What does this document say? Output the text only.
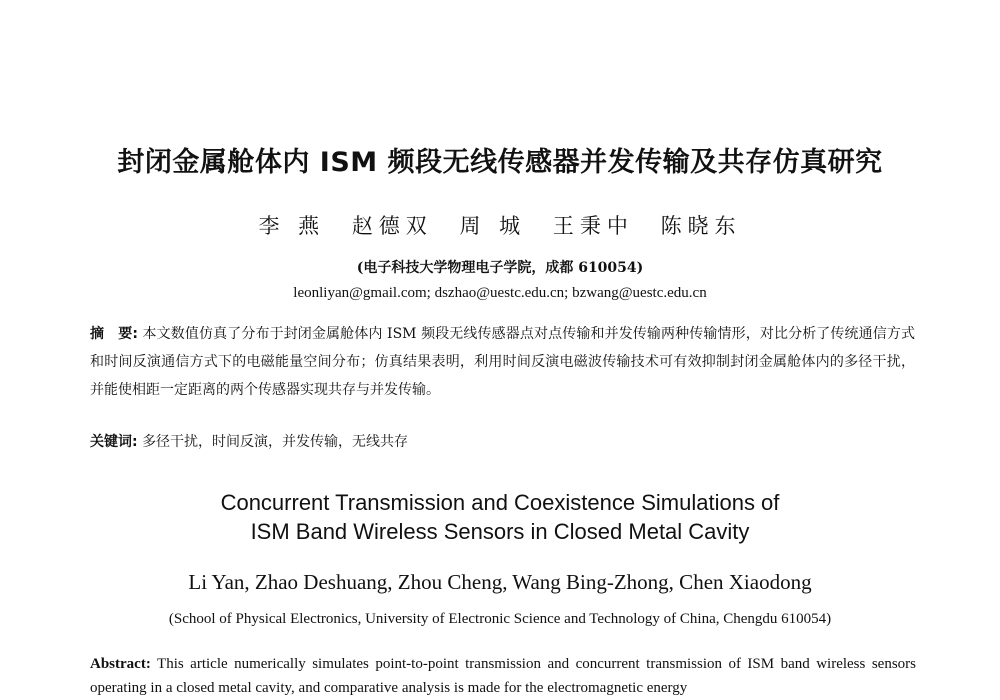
封闭金属舱体内 ISM 频段无线传感器并发传输及共存仿真研究
李 燕 赵德双 周 城 王秉中 陈晓东
(电子科技大学物理电子学院，成都 610054)
leonliyan@gmail.com; dszhao@uestc.edu.cn; bzwang@uestc.edu.cn
摘　要: 本文数值仿真了分布于封闭金属舱体内 ISM 频段无线传感器点对点传输和并发传输两种传输情形，对比分析了传统通信方式和时间反演通信方式下的电磁能量空间分布；仿真结果表明，利用时间反演电磁波传输技术可有效抑制封闭金属舱体内的多径干扰，并能使相距一定距离的两个传感器实现共存与并发传输。
关键词: 多径干扰，时间反演，并发传输，无线共存
Concurrent Transmission and Coexistence Simulations of
ISM Band Wireless Sensors in Closed Metal Cavity
Li Yan, Zhao Deshuang, Zhou Cheng, Wang Bing-Zhong, Chen Xiaodong
(School of Physical Electronics, University of Electronic Science and Technology of China, Chengdu 610054)
Abstract: This article numerically simulates point-to-point transmission and concurrent transmission of ISM band wireless sensors operating in a closed metal cavity, and comparative analysis is made for the electromagnetic energy
